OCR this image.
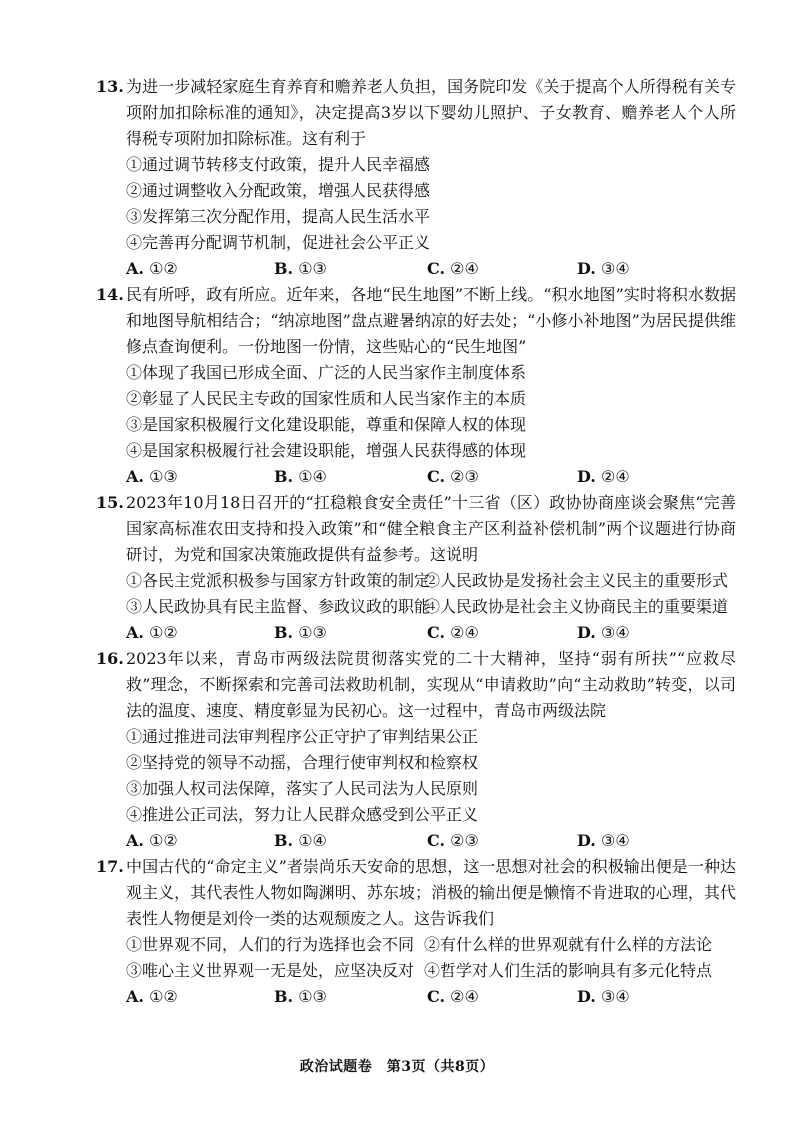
13. 为进一步减轻家庭生育养育和赡养老人负担，国务院印发《关于提高个人所得税有关专项附加扣除标准的通知》，决定提高3岁以下婴幼儿照护、子女教育、赡养老人个人所得税专项附加扣除标准。这有利于
①通过调节转移支付政策，提升人民幸福感
②通过调整收入分配政策，增强人民获得感
③发挥第三次分配作用，提高人民生活水平
④完善再分配调节机制，促进社会公平正义
A. ①②	B. ①③	C. ②④	D. ③④
14. 民有所呼，政有所应。近年来，各地“民生地图”不断上线。“积水地图”实时将积水数据和地图导航相结合；“纳凉地图”盘点避暑纳凉的好去处；“小修小补地图”为居民提供维修点查询便利。一份地图一份情，这些贴心的“民生地图”
①体现了我国已形成全面、广泛的人民当家作主制度体系
②彰显了人民民主专政的国家性质和人民当家作主的本质
③是国家积极履行文化建设职能，尊重和保障人权的体现
④是国家积极履行社会建设职能，增强人民获得感的体现
A. ①③	B. ①④	C. ②③	D. ②④
15. 2023年10月18日召开的“扛稳粮食安全责任”十三省（区）政协协商座谈会聚焦“完善国家高标准农田支持和投入政策”和“健全粮食主产区利益补偿机制”两个议题进行协商研讨，为党和国家决策施政提供有益参考。这说明
①各民主党派积极参与国家方针政策的制定
②人民政协是发扬社会主义民主的重要形式
③人民政协具有民主监督、参政议政的职能
④人民政协是社会主义协商民主的重要渠道
A. ①②	B. ①③	C. ②④	D. ③④
16. 2023年以来，青岛市两级法院贯彻落实党的二十大精神，坚持“弱有所扶”“应救尽救”理念，不断探索和完善司法救助机制，实现从“申请救助”向“主动救助”转变，以司法的温度、速度、精度彰显为民初心。这一过程中，青岛市两级法院
①通过推进司法审判程序公正守护了审判结果公正
②坚持党的领导不动摇，合理行使审判权和检察权
③加强人权司法保障，落实了人民司法为人民原则
④推进公正司法，努力让人民群众感受到公平正义
A. ①②	B. ①④	C. ②③	D. ③④
17. 中国古代的“命定主义”者崇尚乐天安命的思想，这一思想对社会的积极输出便是一种达观主义，其代表性人物如陶渊明、苏东坡；消极的输出便是懒惰不肯进取的心理，其代表性人物便是刘伶一类的达观颓废之人。这告诉我们
①世界观不同，人们的行为选择也会不同 ②有什么样的世界观就有什么样的方法论
③唯心主义世界观一无是处，应坚决反对 ④哲学对人们生活的影响具有多元化特点
A. ①②	B. ①③	C. ②④	D. ③④
政治试题卷　第3页（共8页）
